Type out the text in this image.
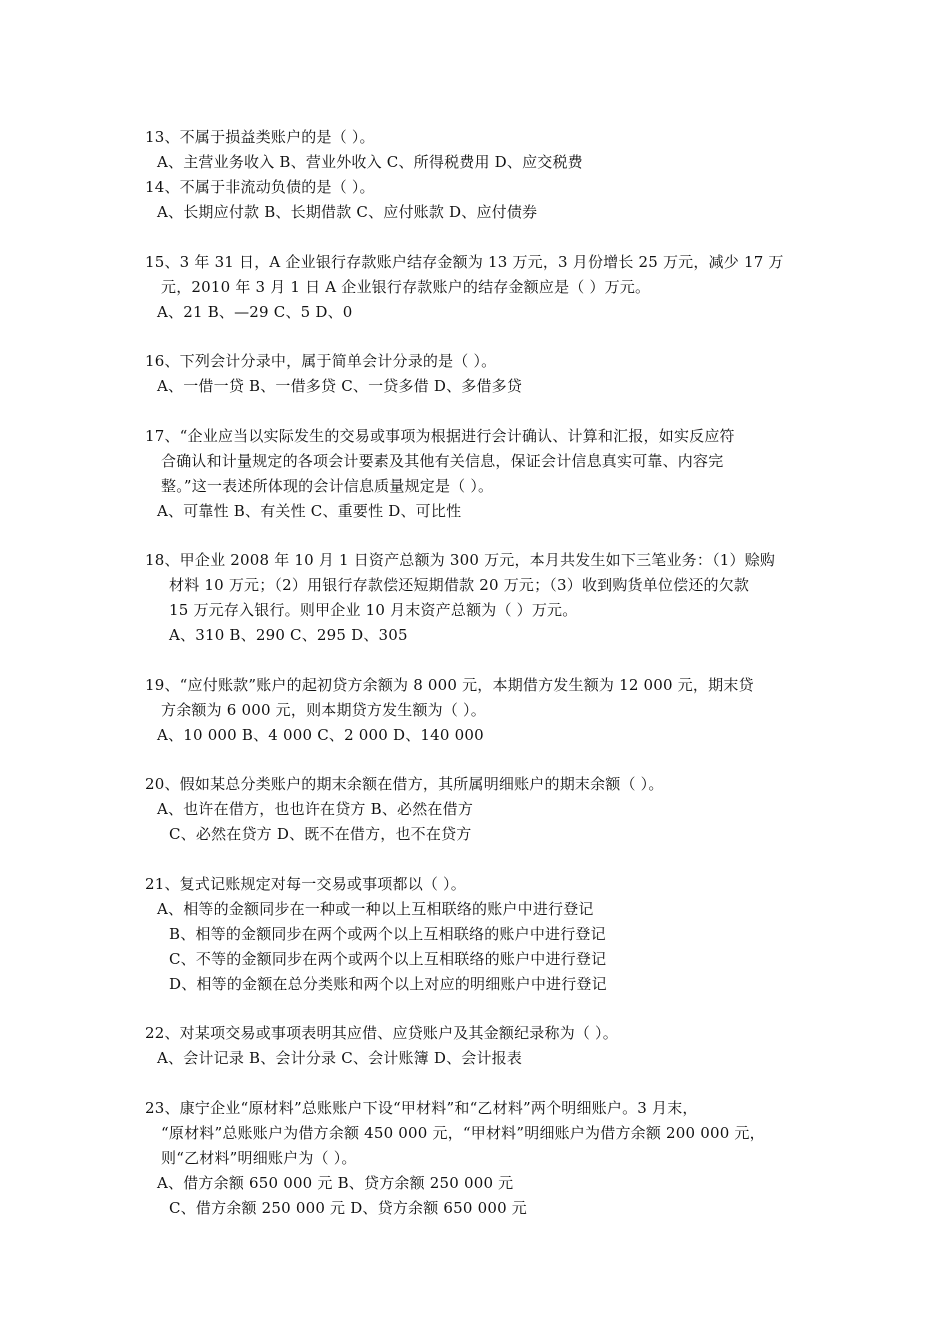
13、不属于损益类账户的是（ ）。
A、主营业务收入 B、营业外收入 C、所得税费用 D、应交税费
14、不属于非流动负债的是（ ）。
A、长期应付款 B、长期借款 C、应付账款 D、应付债券
15、3 年 31 日，A 企业银行存款账户结存金额为 13 万元，3 月份增长 25 万元，减少 17 万
元，2010 年 3 月 1 日 A 企业银行存款账户的结存金额应是（ ）万元。
A、21 B、—29 C、5 D、0
16、下列会计分录中，属于简单会计分录的是（ ）。
A、一借一贷 B、一借多贷 C、一贷多借 D、多借多贷
17、“企业应当以实际发生的交易或事项为根据进行会计确认、计算和汇报，如实反应符
合确认和计量规定的各项会计要素及其他有关信息，保证会计信息真实可靠、内容完
整。”这一表述所体现的会计信息质量规定是（ ）。
A、可靠性 B、有关性 C、重要性 D、可比性
18、甲企业 2008 年 10 月 1 日资产总额为 300 万元，本月共发生如下三笔业务：（1）赊购
材料 10 万元；（2）用银行存款偿还短期借款 20 万元；（3）收到购货单位偿还的欠款
15 万元存入银行。则甲企业 10 月末资产总额为（ ）万元。
A、310 B、290 C、295 D、305
19、“应付账款”账户的起初贷方余额为 8 000 元，本期借方发生额为 12 000 元，期末贷
方余额为 6 000 元，则本期贷方发生额为（ ）。
A、10 000 B、4 000 C、2 000 D、140 000
20、假如某总分类账户的期末余额在借方，其所属明细账户的期末余额（ ）。
A、也许在借方，也也许在贷方 B、必然在借方
C、必然在贷方 D、既不在借方，也不在贷方
21、复式记账规定对每一交易或事项都以（ ）。
A、相等的金额同步在一种或一种以上互相联络的账户中进行登记
B、相等的金额同步在两个或两个以上互相联络的账户中进行登记
C、不等的金额同步在两个或两个以上互相联络的账户中进行登记
D、相等的金额在总分类账和两个以上对应的明细账户中进行登记
22、对某项交易或事项表明其应借、应贷账户及其金额纪录称为（ ）。
A、会计记录 B、会计分录 C、会计账簿 D、会计报表
23、康宁企业“原材料”总账账户下设“甲材料”和“乙材料”两个明细账户。3 月末，
“原材料”总账账户为借方余额 450 000 元，“甲材料”明细账户为借方余额 200 000 元，
则“乙材料”明细账户为（ ）。
A、借方余额 650 000 元 B、贷方余额 250 000 元
C、借方余额 250 000 元 D、贷方余额 650 000 元
